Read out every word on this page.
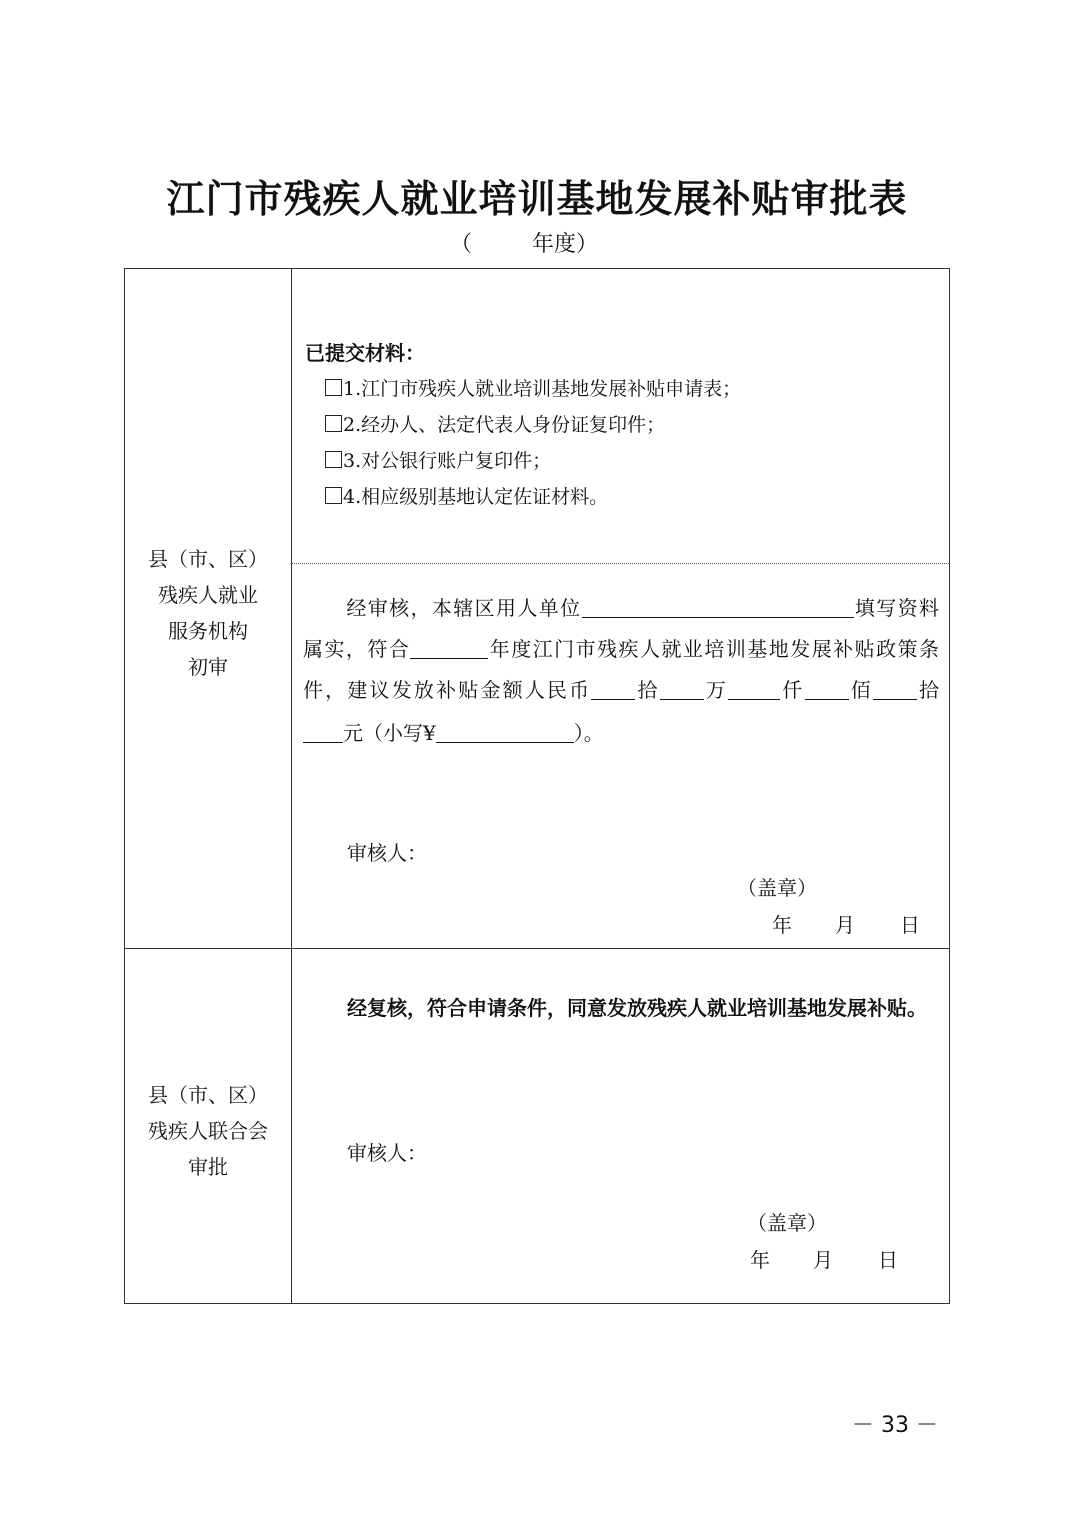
江门市残疾人就业培训基地发展补贴审批表
（	年度）
县（市、区）
残疾人就业
服务机构
初审
已提交材料：
1.江门市残疾人就业培训基地发展补贴申请表；
2.经办人、法定代表人身份证复印件；
3.对公银行账户复印件；
4.相应级别基地认定佐证材料。
经审核，本辖区用人单位	填写资料
属实，符合	年度江门市残疾人就业培训基地发展补贴政策条
件，建议发放补贴金额人民币 拾 万	仟 佰 拾
元（小写¥	）。
审核人：
（盖章）
年 月 日
县（市、区）
残疾人联合会
审批
经复核，符合申请条件，同意发放残疾人就业培训基地发展补贴。
审核人：
（盖章）
年 月 日
－ 33 －
